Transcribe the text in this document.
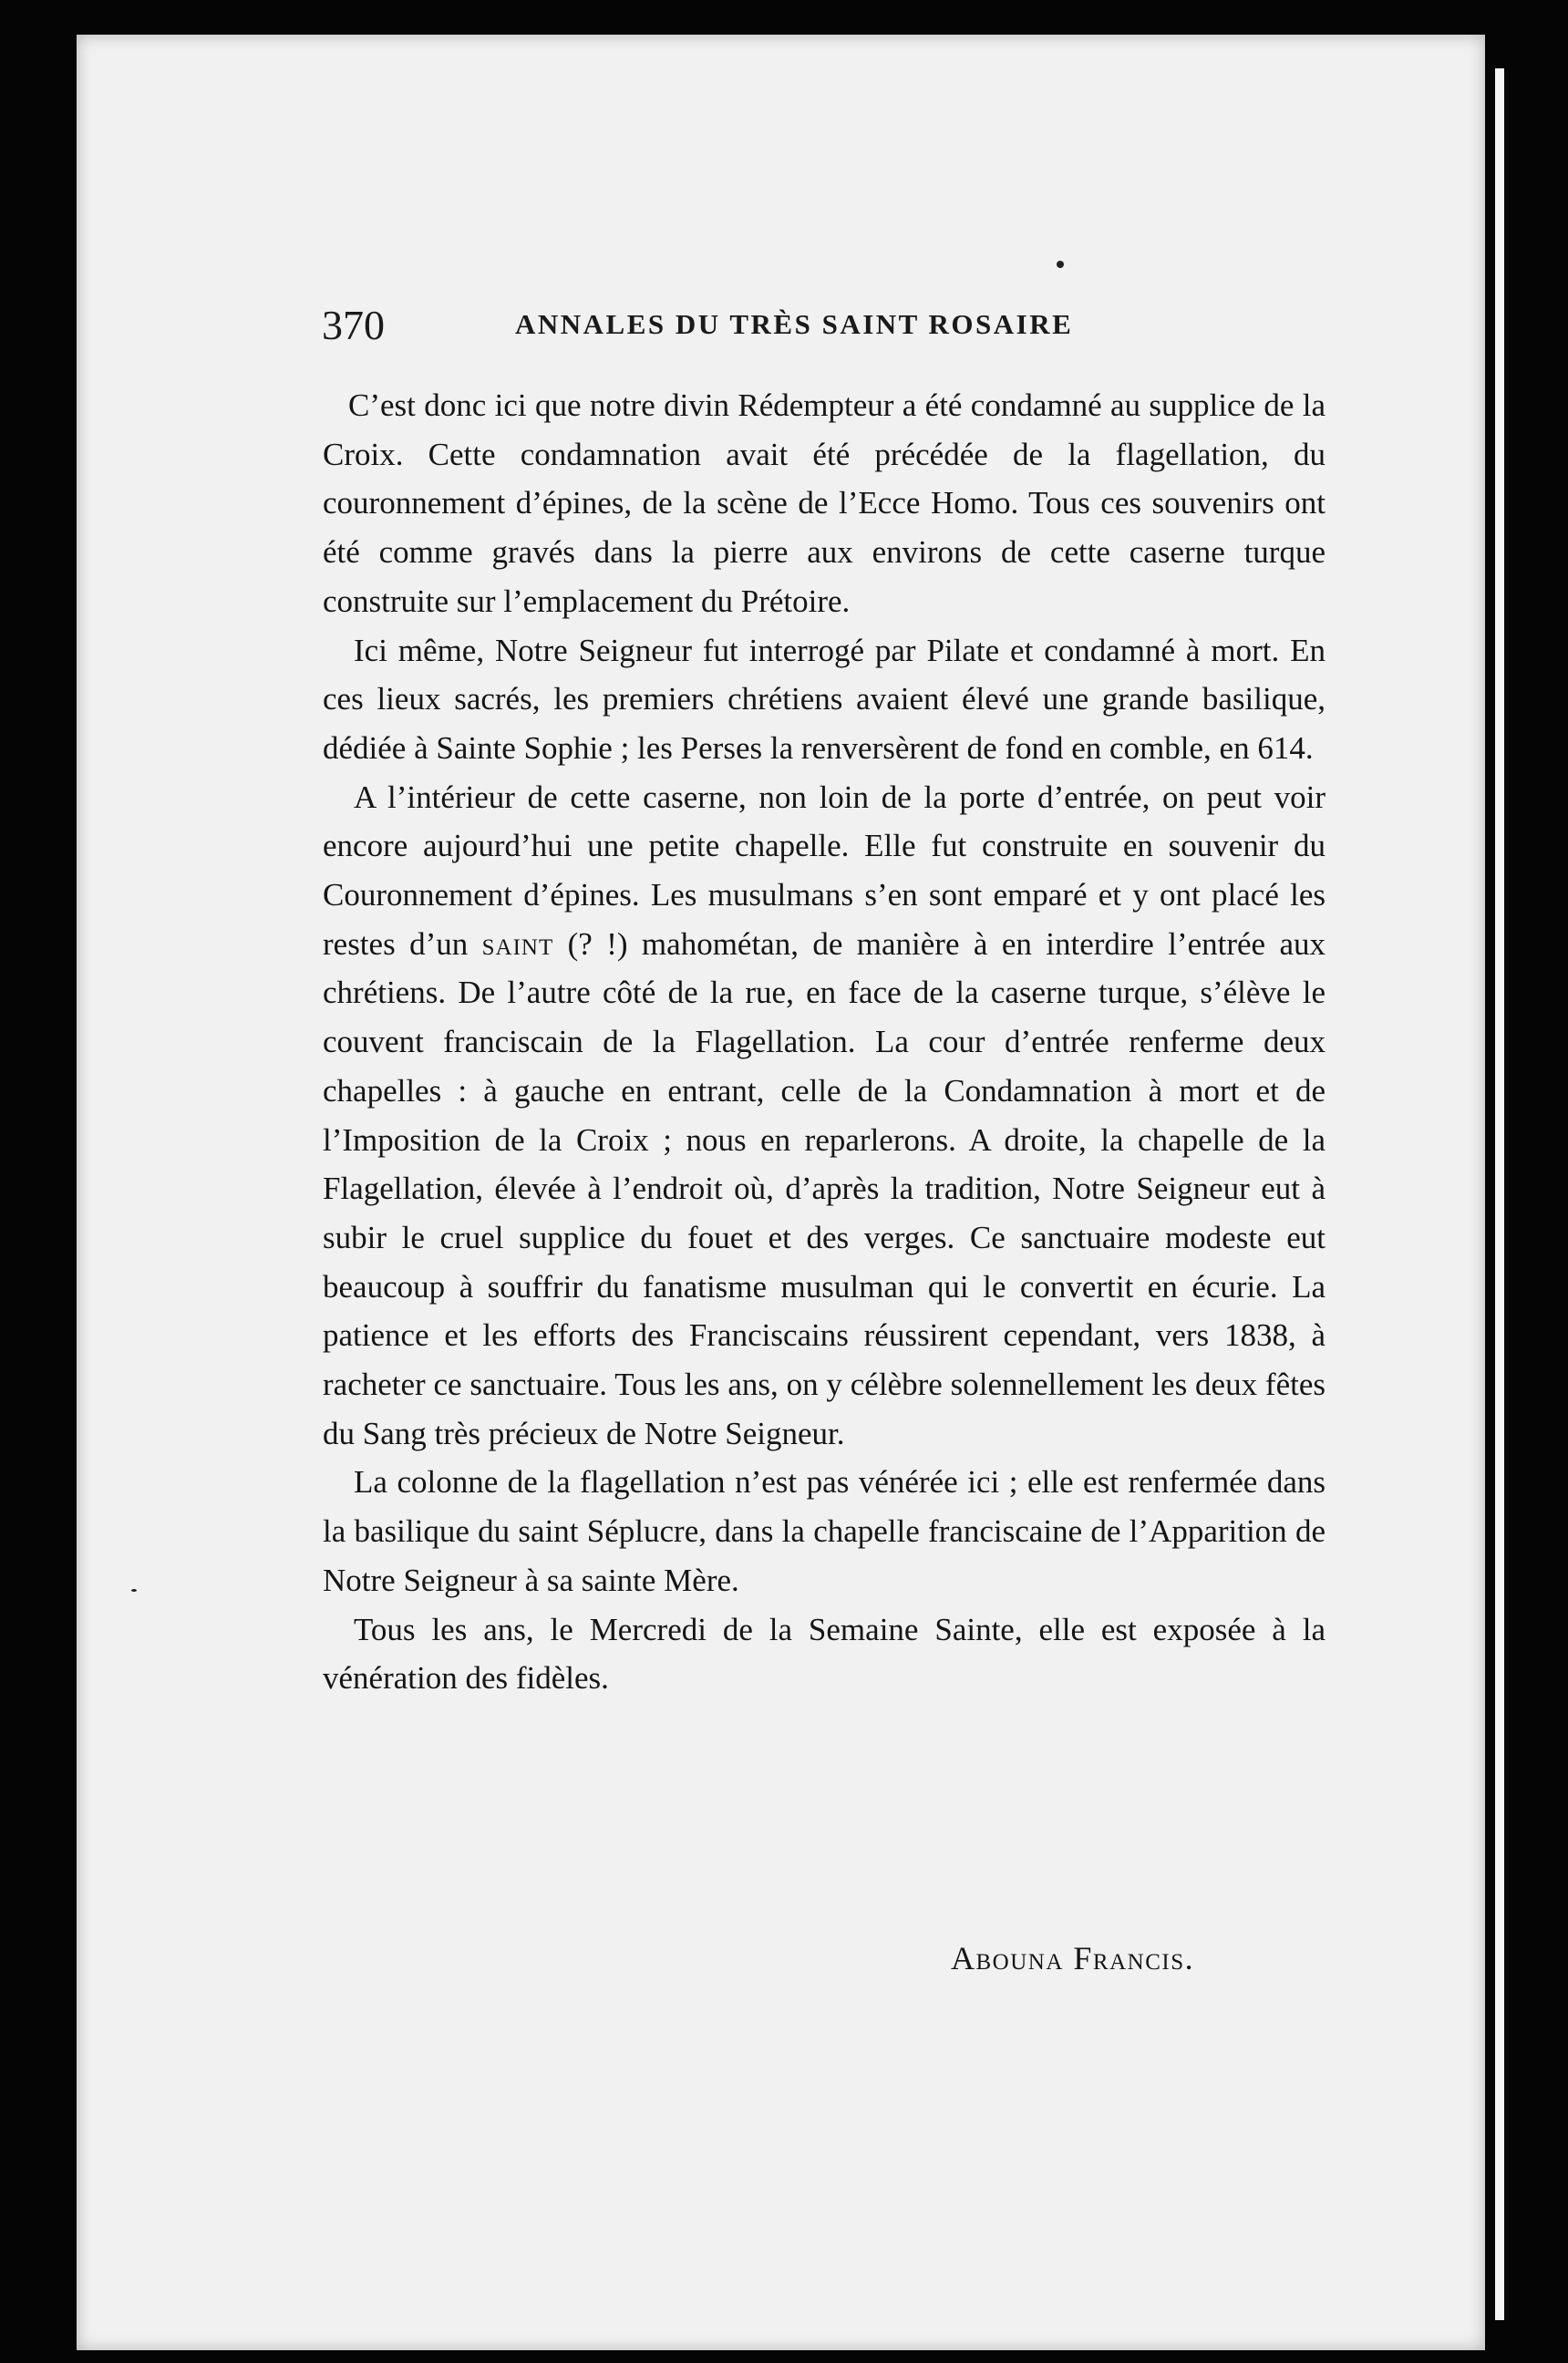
370	ANNALES DU TRÈS SAINT ROSAIRE

C’est donc ici que notre divin Rédempteur a été condamné au supplice de la Croix. Cette condamnation avait été précédée de la flagellation, du couronnement d’épines, de la scène de l’Ecce Homo. Tous ces souvenirs ont été comme gravés dans la pierre aux environs de cette caserne turque construite sur l’emplacement du Prétoire.

Ici même, Notre Seigneur fut interrogé par Pilate et condamné à mort. En ces lieux sacrés, les premiers chrétiens avaient élevé une grande basilique, dédiée à Sainte Sophie ; les Perses la renversèrent de fond en comble, en 614.

A l’intérieur de cette caserne, non loin de la porte d’entrée, on peut voir encore aujourd’hui une petite chapelle. Elle fut construite en souvenir du Couronnement d’épines. Les musulmans s’en sont emparé et y ont placé les restes d’un saint (? !) mahométan, de manière à en interdire l’entrée aux chrétiens. De l’autre côté de la rue, en face de la caserne turque, s’élève le couvent franciscain de la Flagellation. La cour d’entrée renferme deux chapelles : à gauche en entrant, celle de la Condamnation à mort et de l’Imposition de la Croix ; nous en reparlerons. A droite, la chapelle de la Flagellation, élevée à l’endroit où, d’après la tradition, Notre Seigneur eut à subir le cruel supplice du fouet et des verges. Ce sanctuaire modeste eut beaucoup à souffrir du fanatisme musulman qui le convertit en écurie. La patience et les efforts des Franciscains réussirent cependant, vers 1838, à racheter ce sanctuaire. Tous les ans, on y célèbre solennellement les deux fêtes du Sang très précieux de Notre Seigneur.

La colonne de la flagellation n’est pas vénérée ici ; elle est renfermée dans la basilique du saint Séplucre, dans la chapelle franciscaine de l’Apparition de Notre Seigneur à sa sainte Mère.

Tous les ans, le Mercredi de la Semaine Sainte, elle est exposée à la vénération des fidèles.

Abouna Francis.
